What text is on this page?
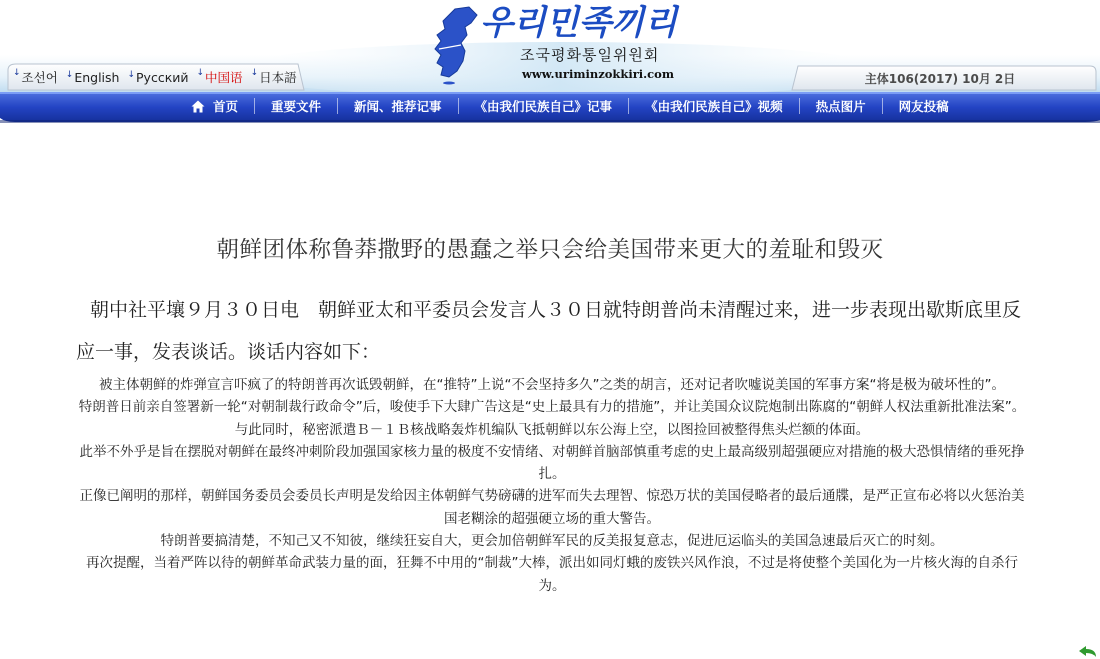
우리민족끼리
조국평화통일위원회
www.uriminzokkiri.com
↓조선어 ↓English ↓Русский ↓中国语 ↓日本語	主体106(2017) 10月 2日
首页	重要文件	新闻、推荐记事	《由我们民族自己》记事	《由我们民族自己》视频	热点图片	网友投稿
朝鲜团体称鲁莽撒野的愚蠢之举只会给美国带来更大的羞耻和毁灭
朝中社平壤９月３０日电　朝鲜亚太和平委员会发言人３０日就特朗普尚未清醒过来，进一步表现出歇斯底里反应一事，发表谈话。谈话内容如下：

被主体朝鲜的炸弹宣言吓疯了的特朗普再次诋毁朝鲜，在“推特”上说“不会坚持多久”之类的胡言，还对记者吹嘘说美国的军事方案“将是极为破坏性的”。

特朗普日前亲自签署新一轮“对朝制裁行政命令”后，唆使手下大肆广告这是“史上最具有力的措施”，并让美国众议院炮制出陈腐的“朝鲜人权法重新批准法案”。与此同时，秘密派遣Ｂ－１Ｂ核战略轰炸机编队飞抵朝鲜以东公海上空，以图捡回被整得焦头烂额的体面。

此举不外乎是旨在摆脱对朝鲜在最终冲刺阶段加强国家核力量的极度不安情绪、对朝鲜首脑部慎重考虑的史上最高级别超强硬应对措施的极大恐惧情绪的垂死挣扎。

正像已阐明的那样，朝鲜国务委员会委员长声明是发给因主体朝鲜气势磅礴的进军而失去理智、惊恐万状的美国侵略者的最后通牒，是严正宣布必将以火惩治美国老糊涂的超强硬立场的重大警告。

特朗普要搞清楚，不知己又不知彼，继续狂妄自大，更会加倍朝鲜军民的反美报复意志，促进厄运临头的美国急速最后灭亡的时刻。

再次提醒，当着严阵以待的朝鲜革命武装力量的面，狂舞不中用的“制裁”大棒，派出如同灯蛾的废铁兴风作浪，不过是将使整个美国化为一片核火海的自杀行为。
